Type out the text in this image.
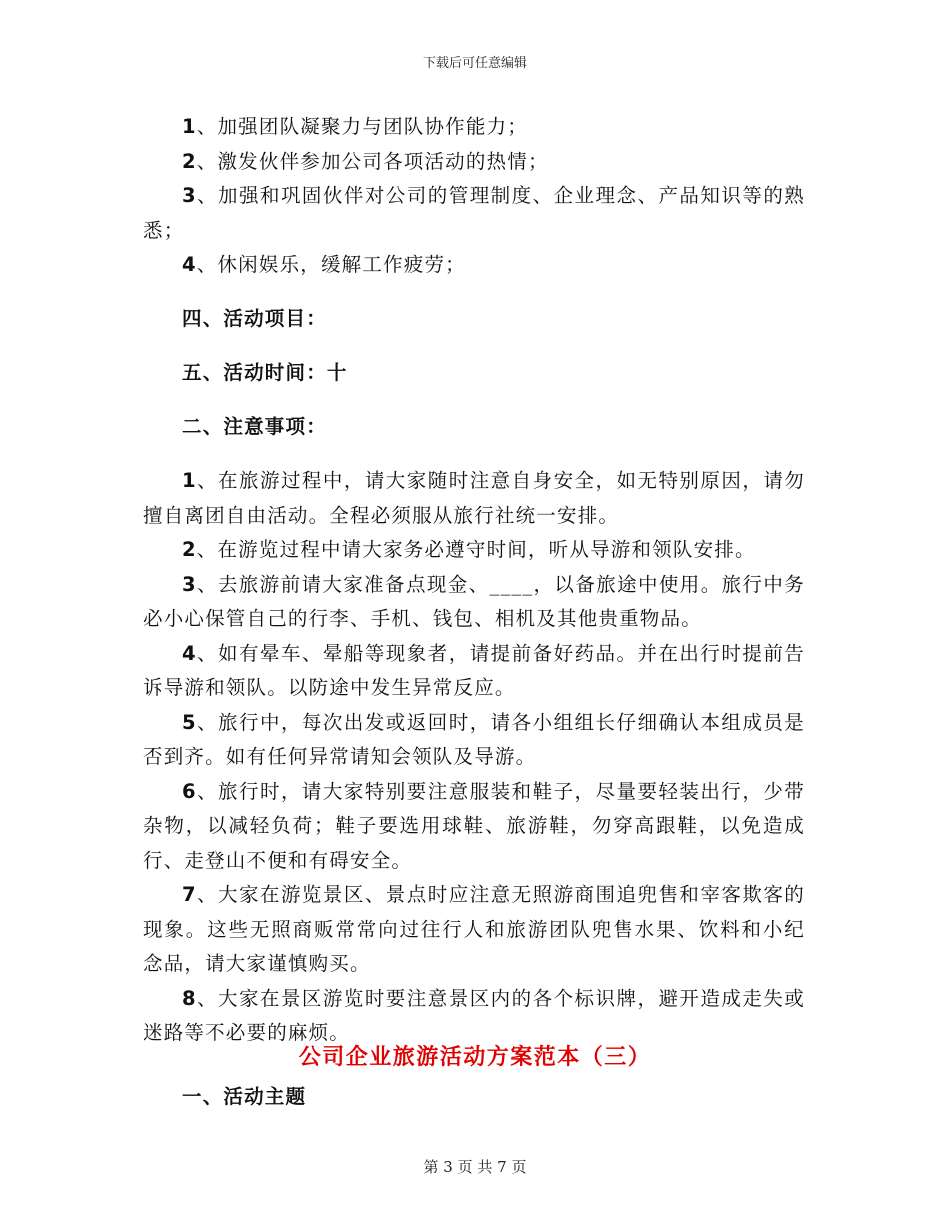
下载后可任意编辑

1、加强团队凝聚力与团队协作能力；

2、激发伙伴参加公司各项活动的热情；

3、加强和巩固伙伴对公司的管理制度、企业理念、产品知识等的熟悉；

4、休闲娱乐，缓解工作疲劳；

四、活动项目：

五、活动时间：十

二、注意事项：

1、在旅游过程中，请大家随时注意自身安全，如无特别原因，请勿擅自离团自由活动。全程必须服从旅行社统一安排。

2、在游览过程中请大家务必遵守时间，听从导游和领队安排。

3、去旅游前请大家准备点现金、____，以备旅途中使用。旅行中务必小心保管自己的行李、手机、钱包、相机及其他贵重物品。

4、如有晕车、晕船等现象者，请提前备好药品。并在出行时提前告诉导游和领队。以防途中发生异常反应。

5、旅行中，每次出发或返回时，请各小组组长仔细确认本组成员是否到齐。如有任何异常请知会领队及导游。

6、旅行时，请大家特别要注意服装和鞋子，尽量要轻装出行，少带杂物，以减轻负荷；鞋子要选用球鞋、旅游鞋，勿穿高跟鞋，以免造成行、走登山不便和有碍安全。

7、大家在游览景区、景点时应注意无照游商围追兜售和宰客欺客的现象。这些无照商贩常常向过往行人和旅游团队兜售水果、饮料和小纪念品，请大家谨慎购买。

8、大家在景区游览时要注意景区内的各个标识牌，避开造成走失或迷路等不必要的麻烦。

公司企业旅游活动方案范本（三）

一、活动主题

第 3 页 共 7 页
